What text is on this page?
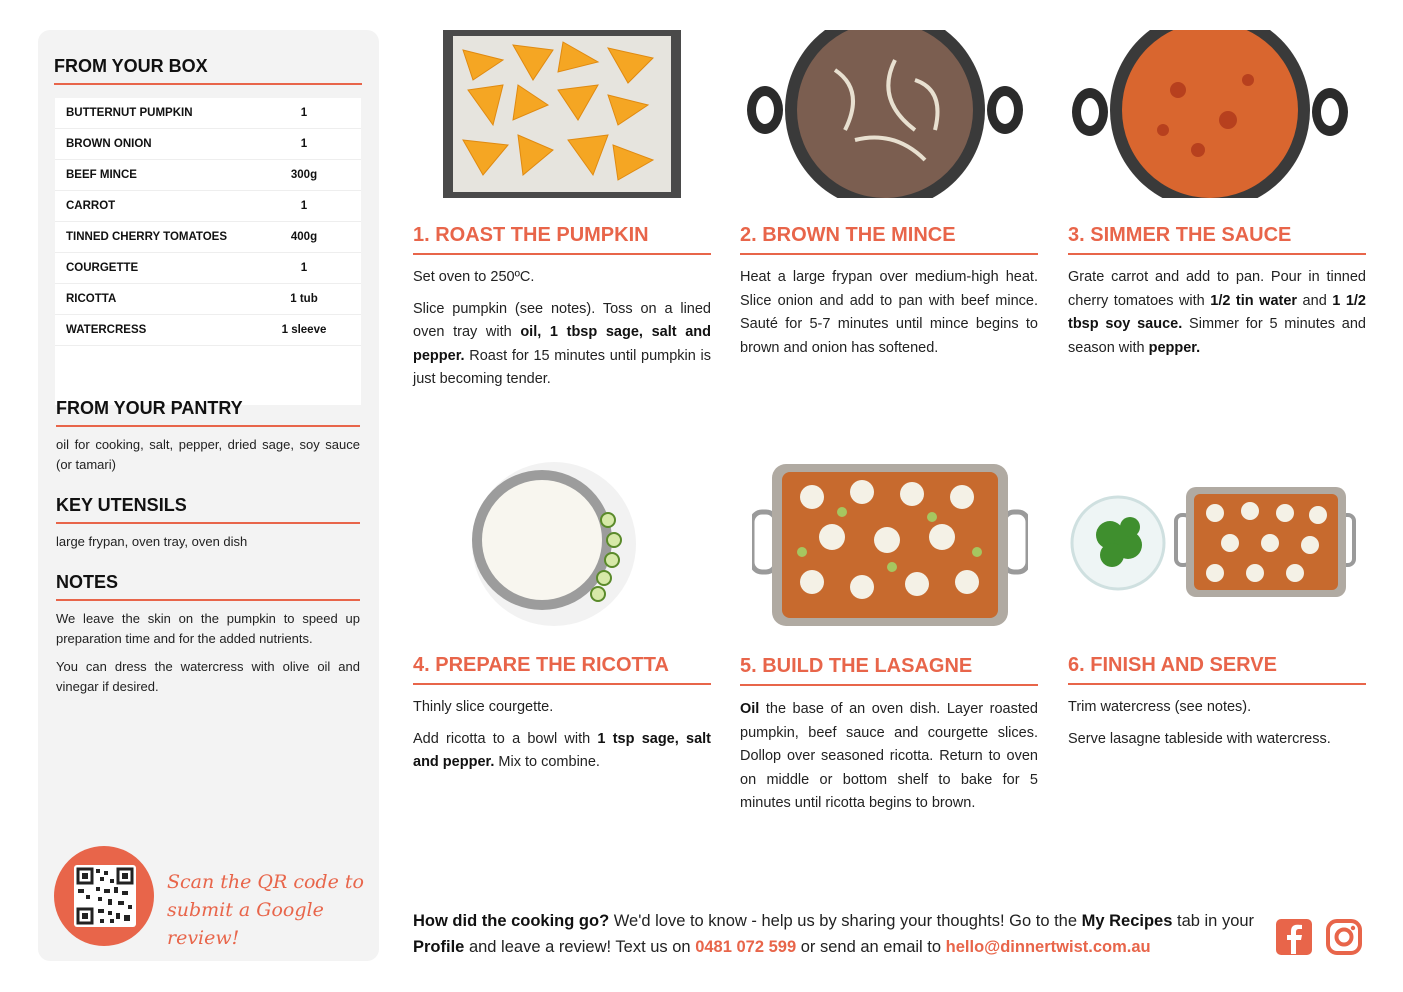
FROM YOUR BOX
BUTTERNUT PUMPKIN	1
BROWN ONION	1
BEEF MINCE	300g
CARROT	1
TINNED CHERRY TOMATOES	400g
COURGETTE	1
RICOTTA	1 tub
WATERCRESS	1 sleeve
FROM YOUR PANTRY
oil for cooking, salt, pepper, dried sage, soy sauce (or tamari)
KEY UTENSILS
large frypan, oven tray, oven dish
NOTES
We leave the skin on the pumpkin to speed up preparation time and for the added nutrients.
You can dress the watercress with olive oil and vinegar if desired.
Scan the QR code to submit a Google review!
1. ROAST THE PUMPKIN

Set oven to 250ºC.

Slice pumpkin (see notes). Toss on a lined oven tray with oil, 1 tbsp sage, salt and pepper. Roast for 15 minutes until pumpkin is just becoming tender.

2. BROWN THE MINCE

Heat a large frypan over medium-high heat. Slice onion and add to pan with beef mince. Sauté for 5-7 minutes until mince begins to brown and onion has softened.

3. SIMMER THE SAUCE

Grate carrot and add to pan. Pour in tinned cherry tomatoes with 1/2 tin water and 1 1/2 tbsp soy sauce. Simmer for 5 minutes and season with pepper.

4. PREPARE THE RICOTTA

Thinly slice courgette.

Add ricotta to a bowl with 1 tsp sage, salt and pepper. Mix to combine.

5. BUILD THE LASAGNE

Oil the base of an oven dish. Layer roasted pumpkin, beef sauce and courgette slices. Dollop over seasoned ricotta. Return to oven on middle or bottom shelf to bake for 5 minutes until ricotta begins to brown.

6. FINISH AND SERVE

Trim watercress (see notes).

Serve lasagne tableside with watercress.

How did the cooking go? We'd love to know - help us by sharing your thoughts! Go to the My Recipes tab in your Profile and leave a review! Text us on 0481 072 599 or send an email to hello@dinnertwist.com.au
